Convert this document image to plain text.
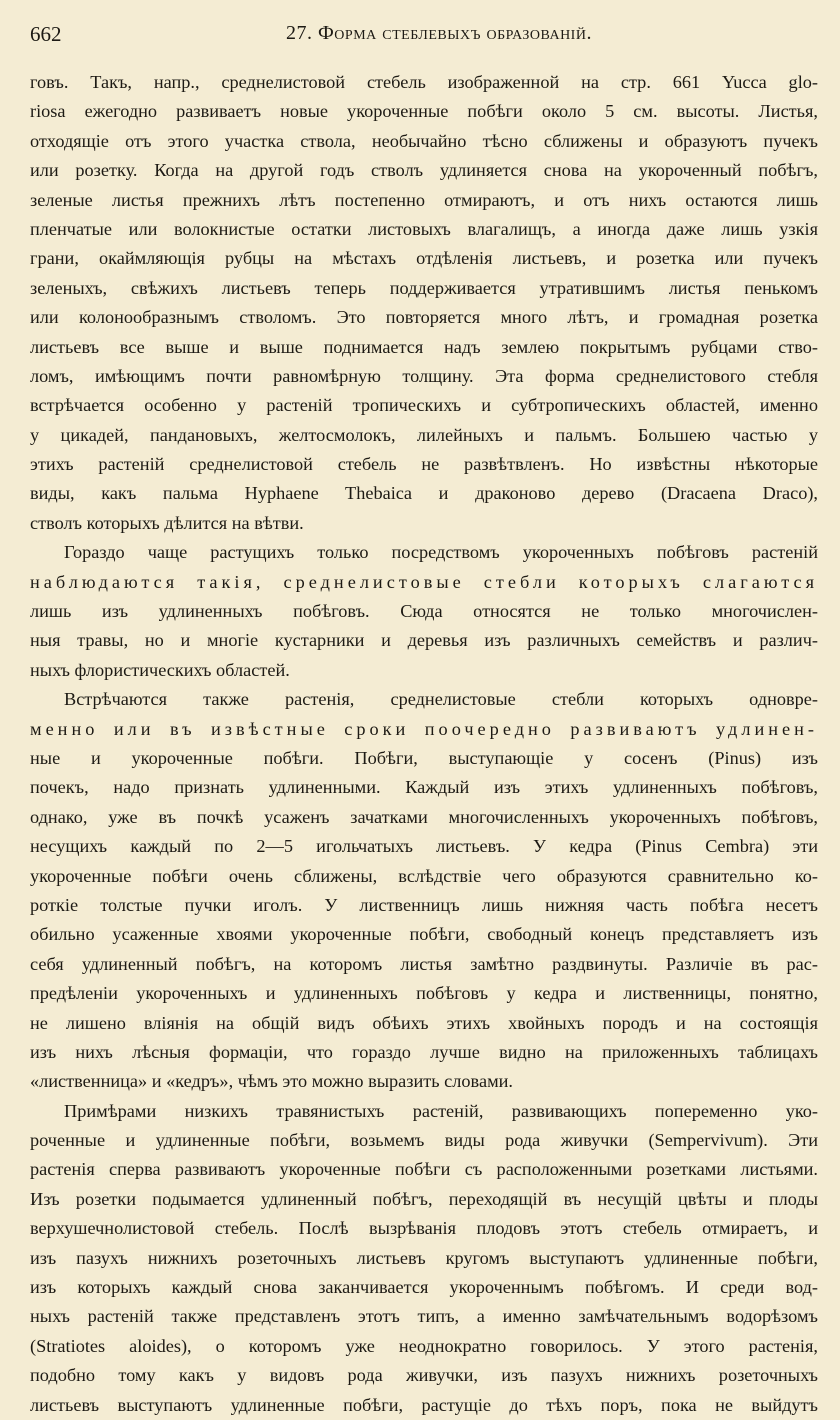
662	27. Форма стеблевыхъ образованій.
говъ. Такъ, напр., среднелистовой стебель изображенной на стр. 661 Yucca glo-
riosa ежегодно развиваетъ новые укороченные побѣги около 5 см. высоты. Листья,
отходящіе отъ этого участка ствола, необычайно тѣсно сближены и образуютъ пучекъ
или розетку. Когда на другой годъ стволъ удлиняется снова на укороченный побѣгъ,
зеленые листья прежнихъ лѣтъ постепенно отмираютъ, и отъ нихъ остаются лишь
пленчатые или волокнистые остатки листовыхъ влагалищъ, а иногда даже лишь узкія
грани, окаймляющія рубцы на мѣстахъ отдѣленія листьевъ, и розетка или пучекъ
зеленыхъ, свѣжихъ листьевъ теперь поддерживается утратившимъ листья пенькомъ
или колонообразнымъ стволомъ. Это повторяется много лѣтъ, и громадная розетка
листьевъ все выше и выше поднимается надъ землею покрытымъ рубцами ство-
ломъ, имѣющимъ почти равномѣрную толщину. Эта форма среднелистового стебля
встрѣчается особенно у растеній тропическихъ и субтропическихъ областей, именно
у цикадей, пандановыхъ, желтосмолокъ, лилейныхъ и пальмъ. Большею частью у
этихъ растеній среднелистовой стебель не развѣтвленъ. Но извѣстны нѣкоторые
виды, какъ пальма Hyphaene Thebaica и драконово дерево (Dracaena Draco),
стволъ которыхъ дѣлится на вѣтви.
Гораздо чаще растущихъ только посредствомъ укороченныхъ побѣговъ растеній
наблюдаются такія, среднелистовые стебли которыхъ слагаются
лишь изъ удлиненныхъ побѣговъ. Сюда относятся не только многочислен-
ныя травы, но и многіе кустарники и деревья изъ различныхъ семействъ и различ-
ныхъ флористическихъ областей.
Встрѣчаются также растенія, среднелистовые стебли которыхъ одновре-
менно или въ извѣстные сроки поочередно развиваютъ удлинен-
ные и укороченные побѣги. Побѣги, выступающіе у сосенъ (Pinus) изъ
почекъ, надо признать удлиненными. Каждый изъ этихъ удлиненныхъ побѣговъ,
однако, уже въ почкѣ усаженъ зачатками многочисленныхъ укороченныхъ побѣговъ,
несущихъ каждый по 2—5 игольчатыхъ листьевъ. У кедра (Pinus Cembra) эти
укороченные побѣги очень сближены, вслѣдствіе чего образуются сравнительно ко-
роткіе толстые пучки иголъ. У лиственницъ лишь нижняя часть побѣга несетъ
обильно усаженные хвоями укороченные побѣги, свободный конецъ представляетъ изъ
себя удлиненный побѣгъ, на которомъ листья замѣтно раздвинуты. Различіе въ рас-
предѣленіи укороченныхъ и удлиненныхъ побѣговъ у кедра и лиственницы, понятно,
не лишено вліянія на общій видъ обѣихъ этихъ хвойныхъ породъ и на состоящія
изъ нихъ лѣсныя формаціи, что гораздо лучше видно на приложенныхъ таблицахъ
«лиственница» и «кедръ», чѣмъ это можно выразить словами.
Примѣрами низкихъ травянистыхъ растеній, развивающихъ попеременно уко-
роченные и удлиненные побѣги, возьмемъ виды рода живучки (Sempervivum). Эти
растенія сперва развиваютъ укороченные побѣги съ расположенными розетками листьями.
Изъ розетки подымается удлиненный побѣгъ, переходящій въ несущій цвѣты и плоды
верхушечнолистовой стебель. Послѣ вызрѣванія плодовъ этотъ стебель отмираетъ, и
изъ пазухъ нижнихъ розеточныхъ листьевъ кругомъ выступаютъ удлиненные побѣги,
изъ которыхъ каждый снова заканчивается укороченнымъ побѣгомъ. И среди вод-
ныхъ растеній также представленъ этотъ типъ, а именно замѣчательнымъ водорѣзомъ
(Stratiotes aloides), о которомъ уже неоднократно говорилось. У этого растенія,
подобно тому какъ у видовъ рода живучки, изъ пазухъ нижнихъ розеточныхъ
листьевъ выступаютъ удлиненные побѣги, растущіе до тѣхъ поръ, пока не выйдутъ
